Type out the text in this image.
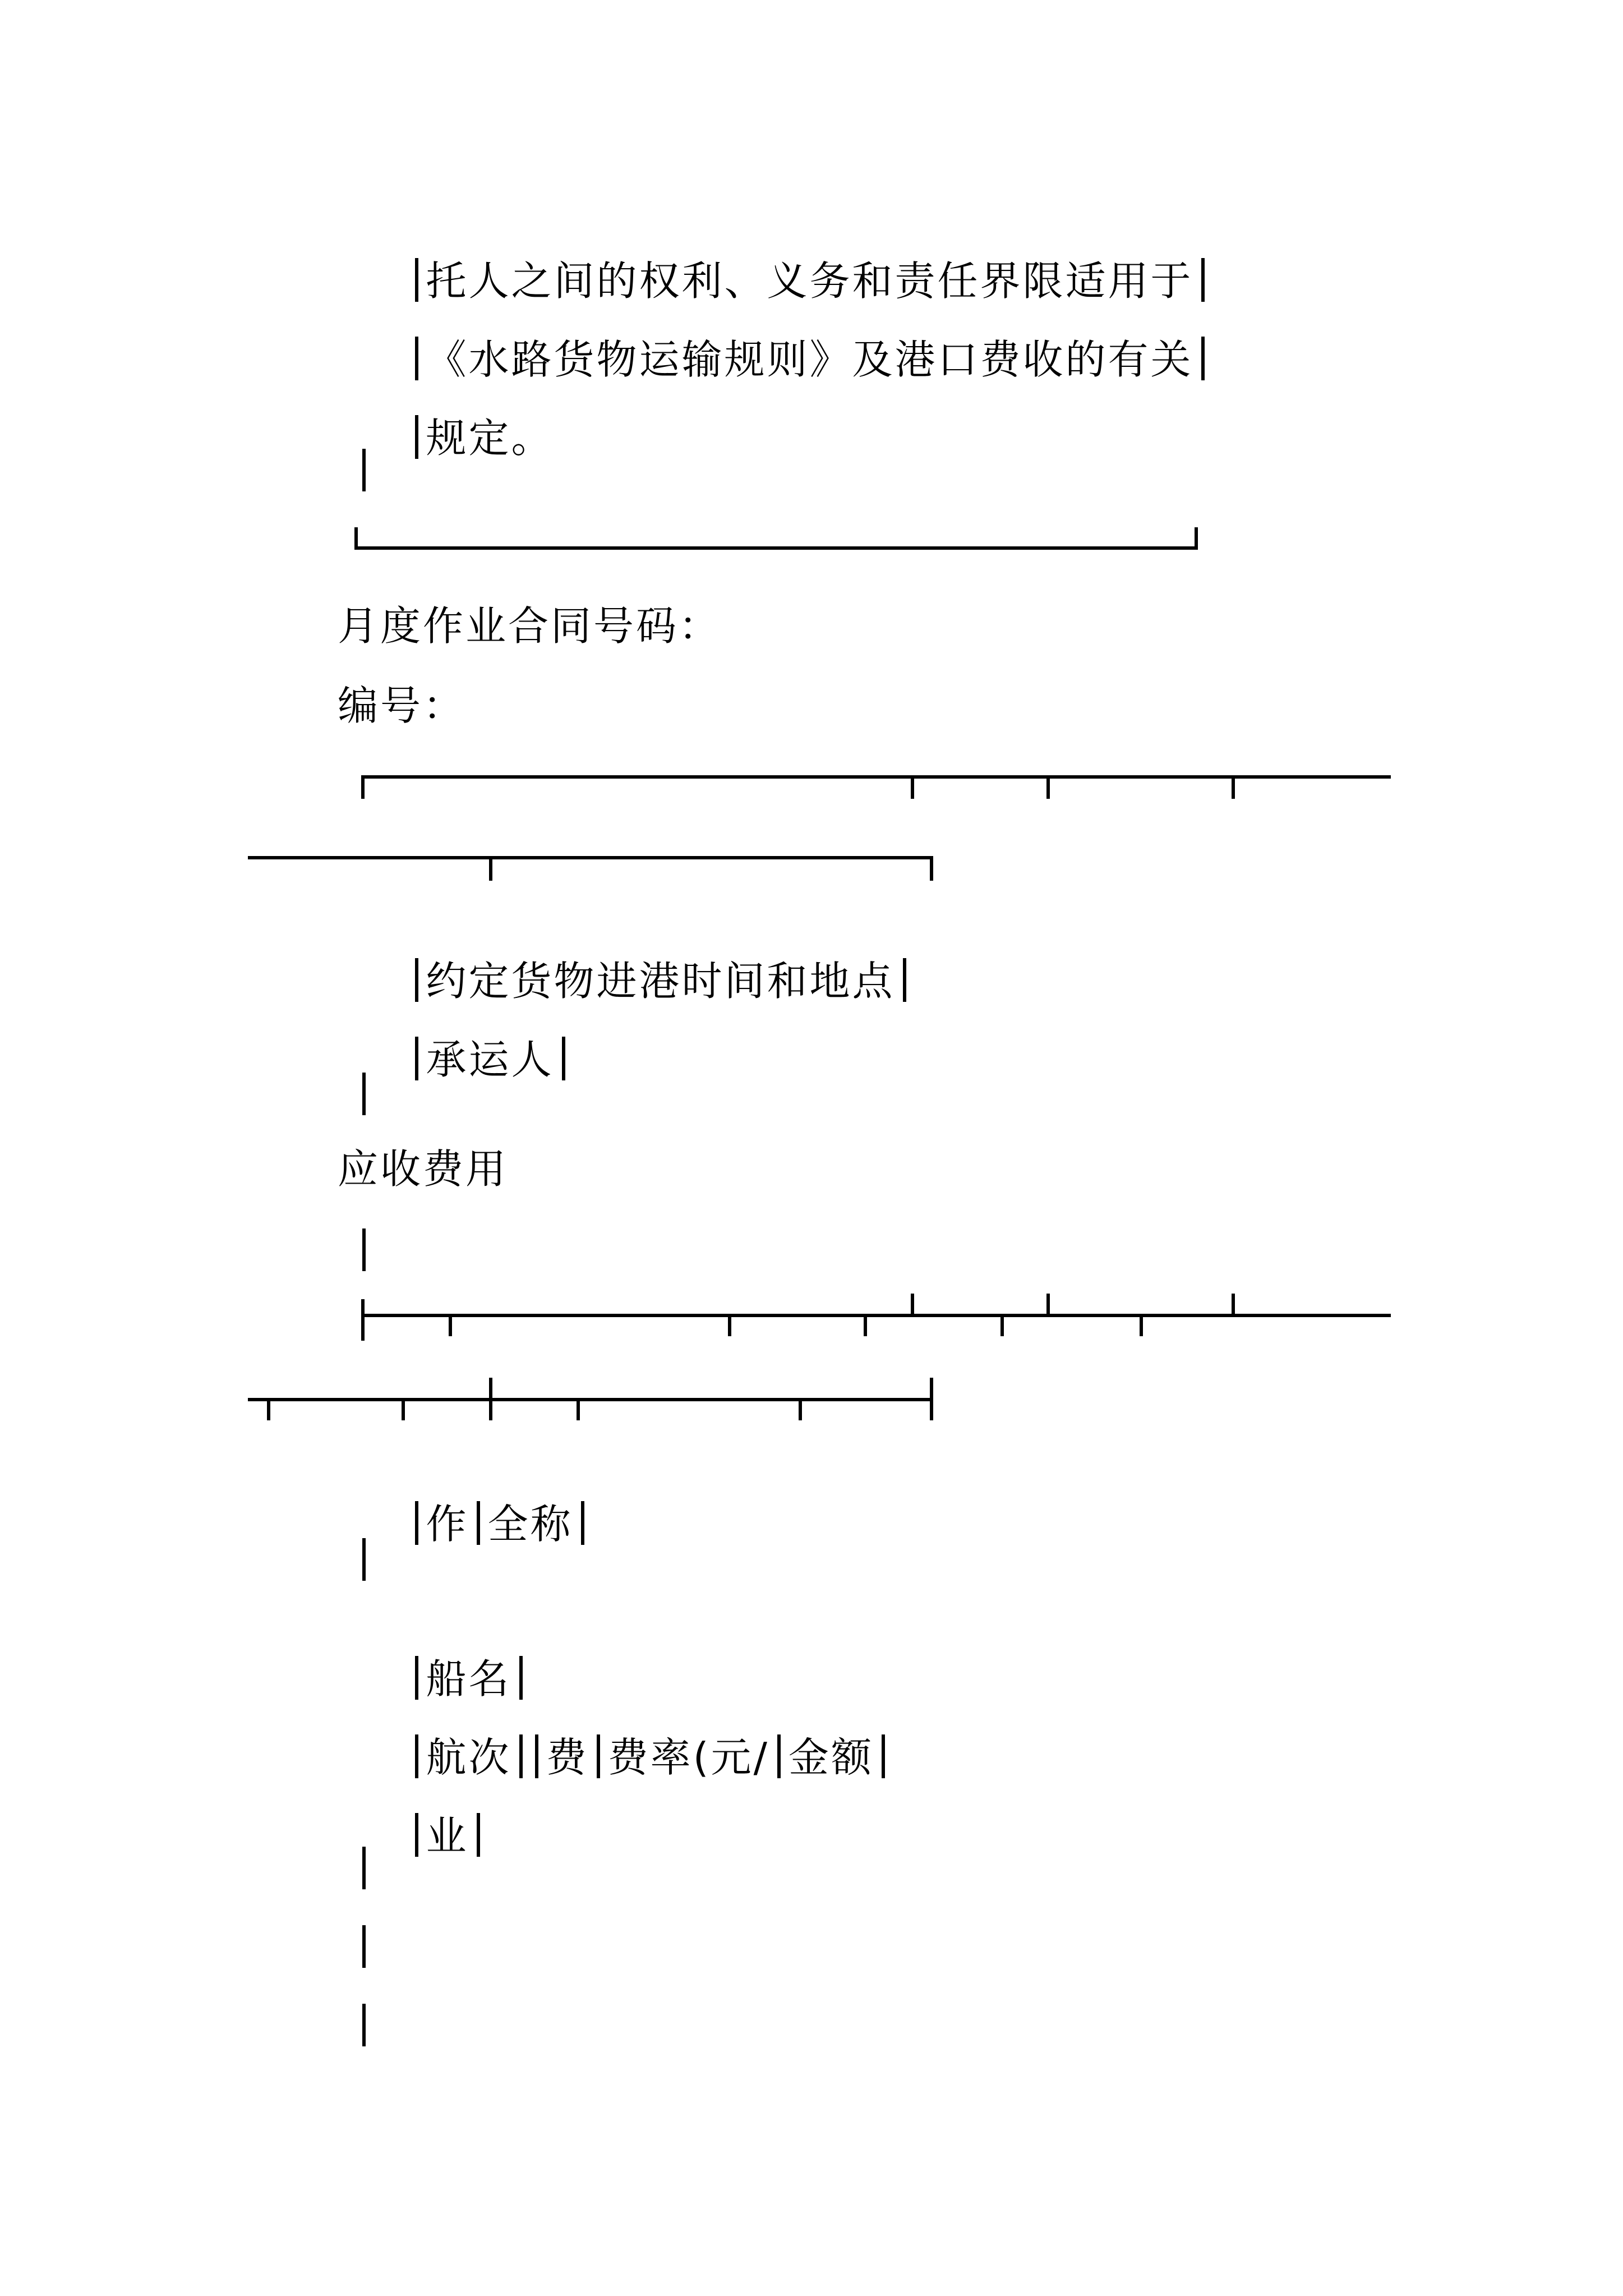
托人之间的权利、义务和责任界限适用于

《水路货物运输规则》及港口费收的有关

规定。

月度作业合同号码：
编号：

约定货物进港时间和地点

承运人

应收费用

作 全称

船名

航次 费 费率(元/ 金额

业
